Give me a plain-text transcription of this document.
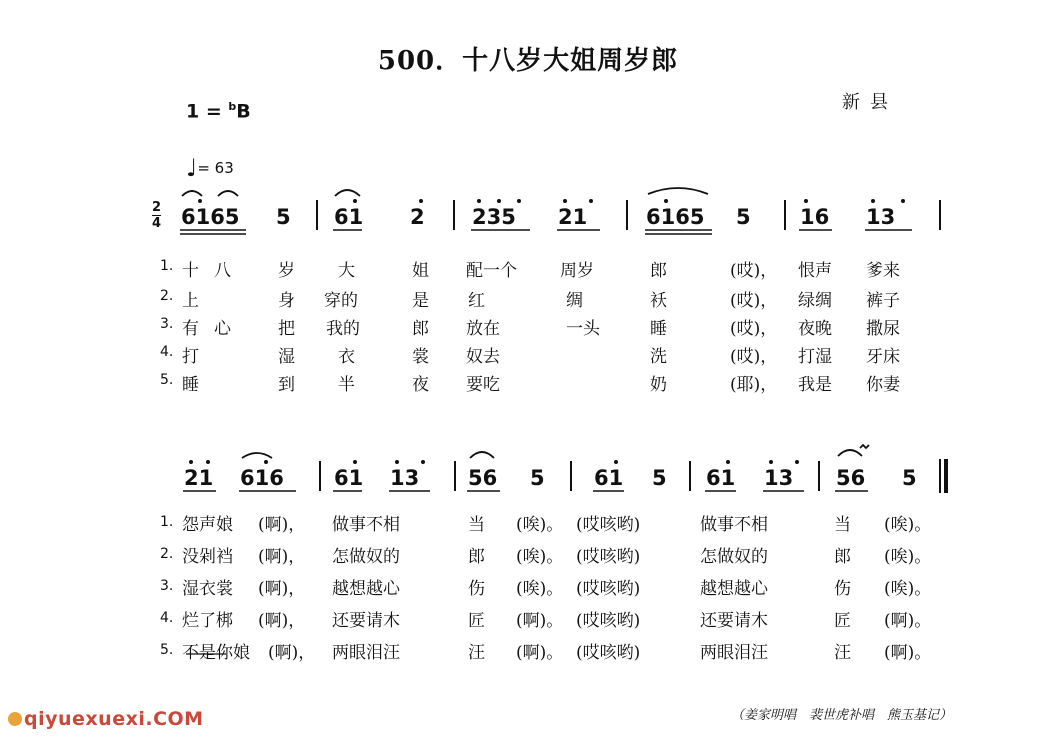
500．十八岁大姐周岁郎
1 = $^b$B	新县
♩= 63
2
4 6165 5 61 2 235 21	6165 5 16 13
1. 十 八	岁	大	姐 配一个	周岁	郎	(哎)， 恨声 爹来
2. 上	身 穿的	是 红	绸	袄	(哎)， 绿绸 裤子
3. 有 心	把 我的	郎 放在	一头	睡	(哎)， 夜晚 撒尿
4. 打	湿	衣	裳 奴去	洗	(哎)， 打湿 牙床
5. 睡	到	半	夜 要吃	奶	(耶)， 我是 你妻
21 616 61 13 56 5 61 5 61 13 56 5
1. 怨声娘 (啊)， 做事不相	当 (唉)。 (哎咳哟)	做事不相	当 (唉)。
2. 没剁裆 (啊)， 怎做奴的	郎 (唉)。 (哎咳哟)	怎做奴的	郎 (唉)。
3. 湿衣裳 (啊)， 越想越心	伤 (唉)。 (哎咳哟)	越想越心	伤 (唉)。
4. 烂了梆 (啊)， 还要请木	匠 (啊)。 (哎咳哟)	还要请木	匠 (啊)。
5. 不是你娘 (啊)， 两眼泪汪	汪 (啊)。 (哎咳哟)	两眼泪汪	汪 (啊)。
（姜家明唱　裴世虎补唱　熊玉基记）
qiyuexuexi.COM
